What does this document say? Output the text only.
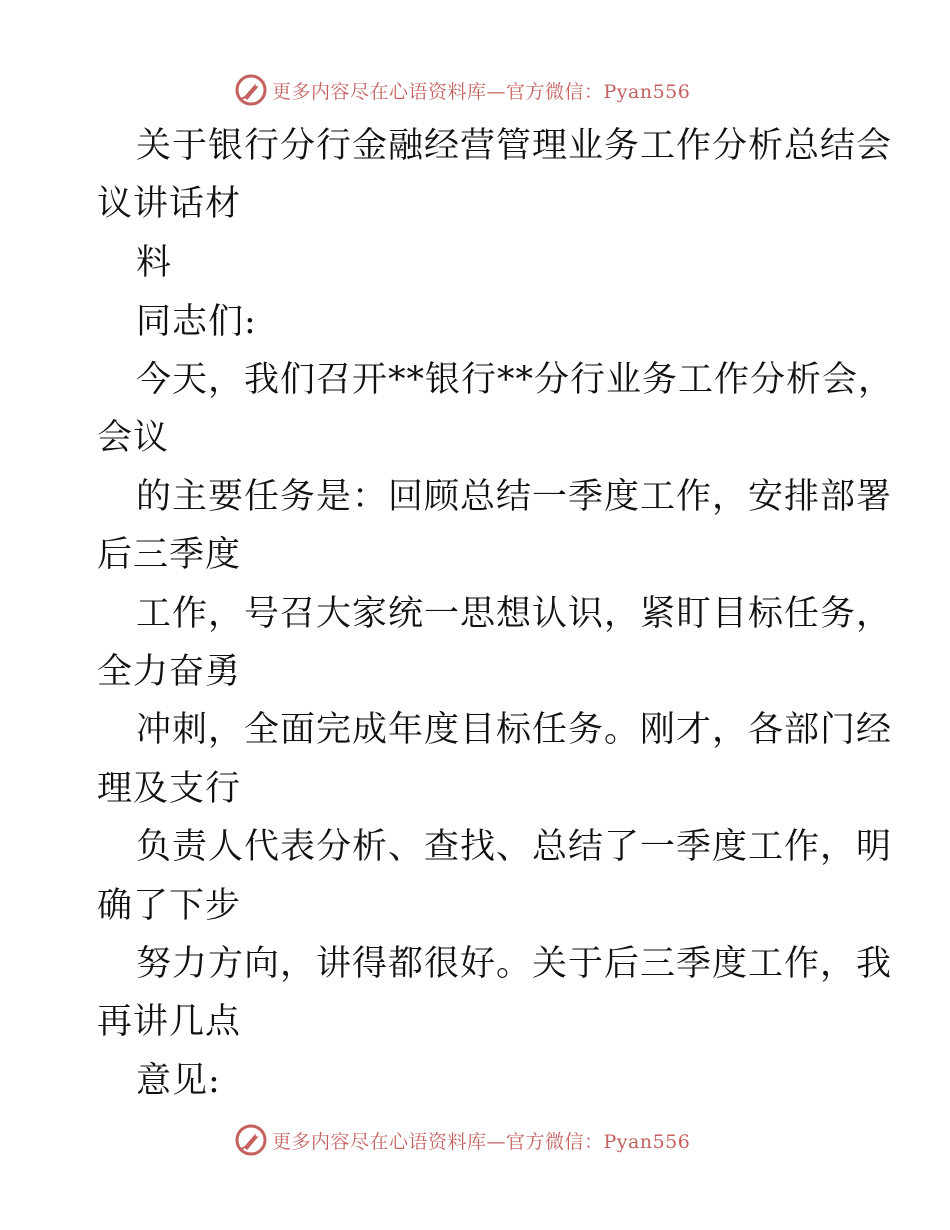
更多内容尽在心语资料库—官方微信：Pyan556
关于银行分行金融经营管理业务工作分析总结会
议讲话材
料
同志们:
今天，我们召开**银行**分行业务工作分析会，
会议
的主要任务是：回顾总结一季度工作，安排部署
后三季度
工作，号召大家统一思想认识，紧盯目标任务，
全力奋勇
冲刺，全面完成年度目标任务。刚才，各部门经
理及支行
负责人代表分析、查找、总结了一季度工作，明
确了下步
努力方向，讲得都很好。关于后三季度工作，我
再讲几点
意见:
更多内容尽在心语资料库—官方微信：Pyan556
